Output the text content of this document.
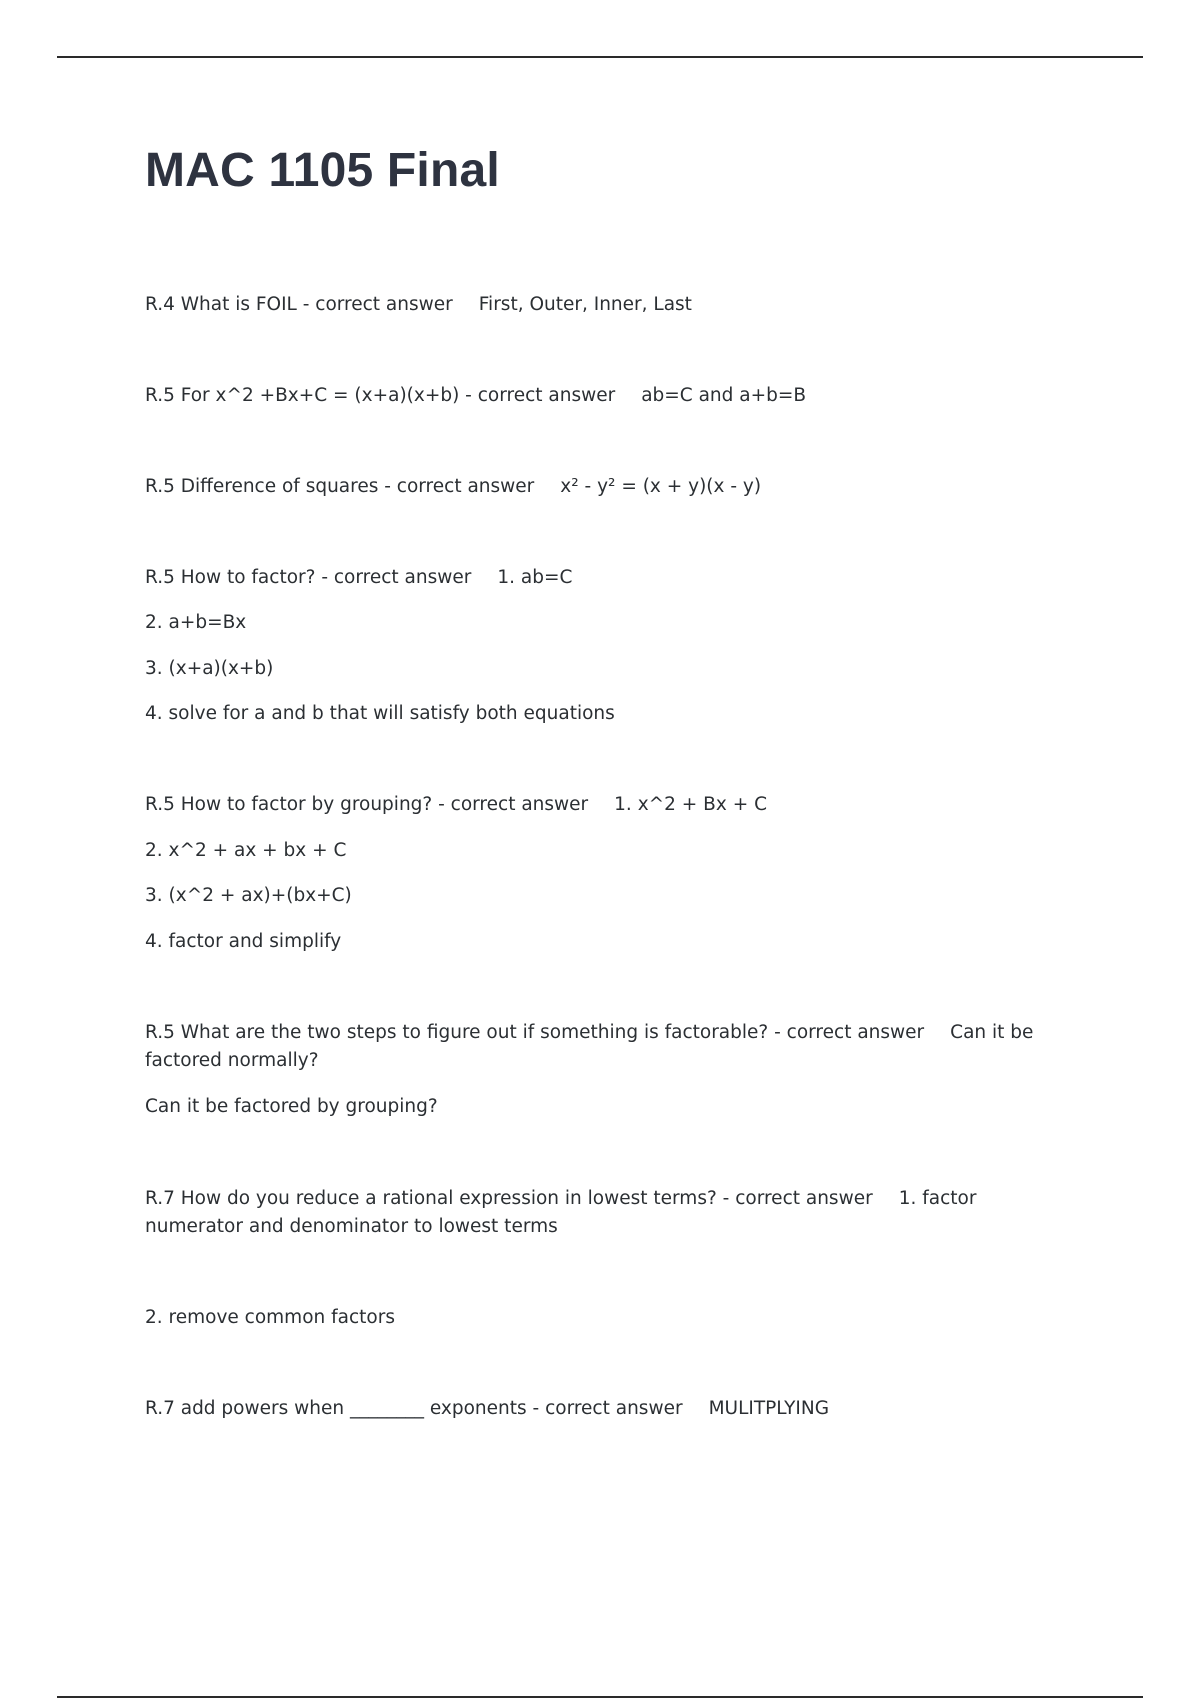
MAC 1105 Final
R.4 What is FOIL - correct answer First, Outer, Inner, Last
R.5 For x^2 +Bx+C = (x+a)(x+b) - correct answer ab=C and a+b=B
R.5 Difference of squares - correct answer x² - y² = (x + y)(x - y)
R.5 How to factor? - correct answer 1. ab=C
2. a+b=Bx
3. (x+a)(x+b)
4. solve for a and b that will satisfy both equations
R.5 How to factor by grouping? - correct answer 1. x^2 + Bx + C
2. x^2 + ax + bx + C
3. (x^2 + ax)+(bx+C)
4. factor and simplify
R.5 What are the two steps to figure out if something is factorable? - correct answer Can it be factored normally?
Can it be factored by grouping?
R.7 How do you reduce a rational expression in lowest terms? - correct answer 1. factor numerator and denominator to lowest terms
2. remove common factors
R.7 add powers when ________ exponents - correct answer MULITPLYING
